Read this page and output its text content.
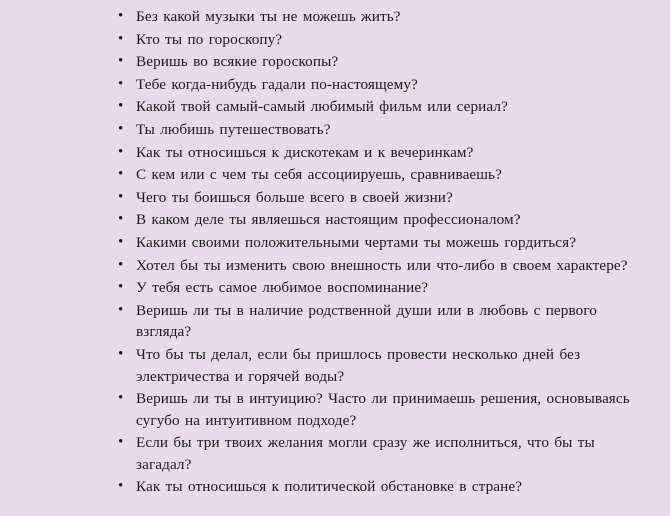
• Без какой музыки ты не можешь жить?
• Кто ты по гороскопу?
• Веришь во всякие гороскопы?
• Тебе когда-нибудь гадали по-настоящему?
• Какой твой самый-самый любимый фильм или сериал?
• Ты любишь путешествовать?
• Как ты относишься к дискотекам и к вечеринкам?
• С кем или с чем ты себя ассоциируешь, сравниваешь?
• Чего ты боишься больше всего в своей жизни?
• В каком деле ты являешься настоящим профессионалом?
• Какими своими положительными чертами ты можешь гордиться?
• Хотел бы ты изменить свою внешность или что-либо в своем характере?
• У тебя есть самое любимое воспоминание?
• Веришь ли ты в наличие родственной души или в любовь с первого взгляда?
• Что бы ты делал, если бы пришлось провести несколько дней без электричества и горячей воды?
• Веришь ли ты в интуицию? Часто ли принимаешь решения, основываясь сугубо на интуитивном подходе?
• Если бы три твоих желания могли сразу же исполниться, что бы ты загадал?
• Как ты относишься к политической обстановке в стране?
